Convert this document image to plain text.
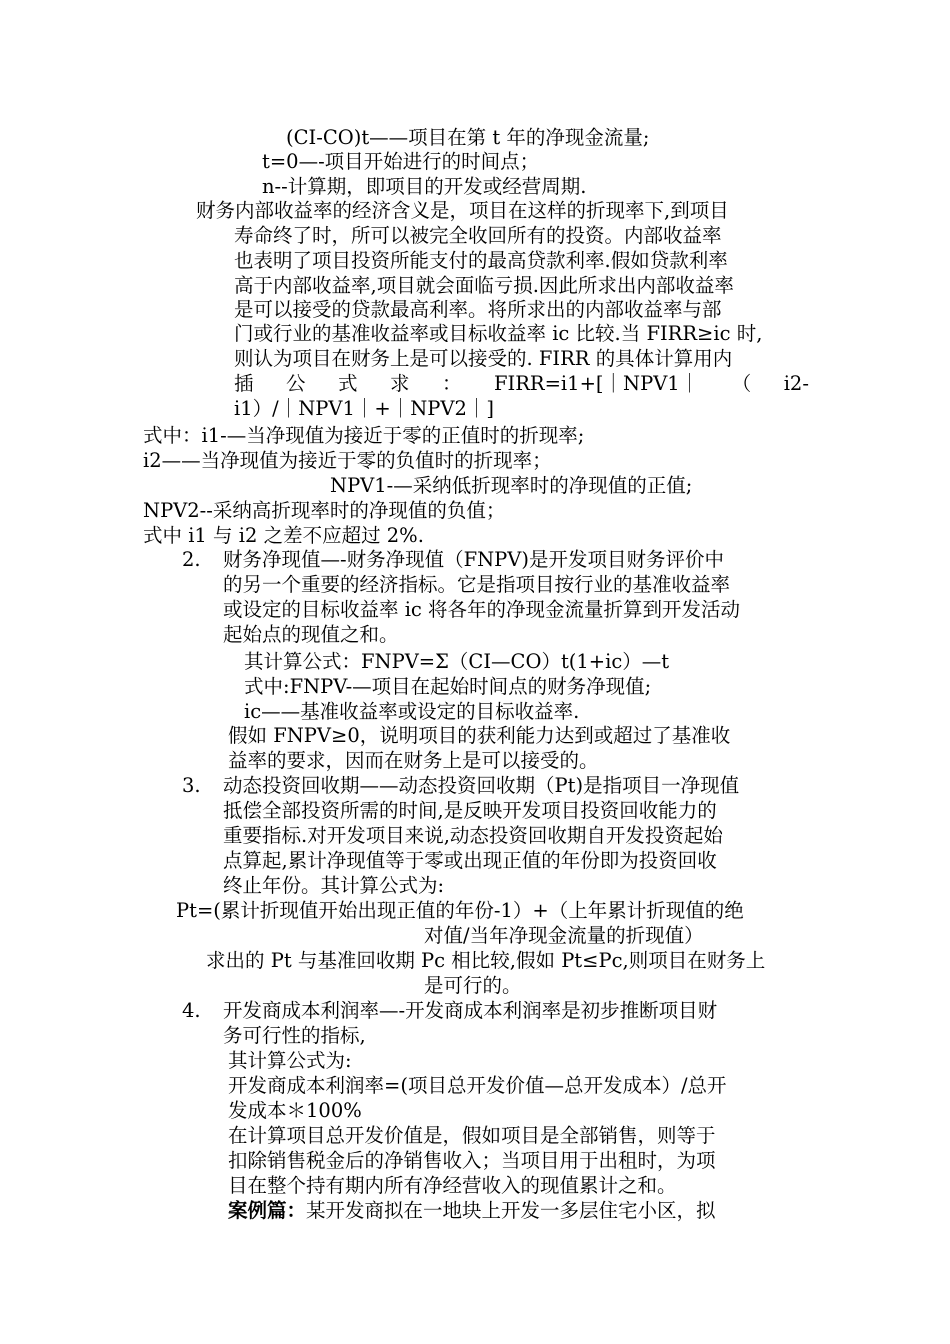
(CI-CO)t——项目在第 t 年的净现金流量;
t=0—-项目开始进行的时间点；
n--计算期，即项目的开发或经营周期.
财务内部收益率的经济含义是，项目在这样的折现率下,到项目
寿命终了时，所可以被完全收回所有的投资。内部收益率
也表明了项目投资所能支付的最高贷款利率.假如贷款利率
高于内部收益率,项目就会面临亏损.因此所求出内部收益率
是可以接受的贷款最高利率。将所求出的内部收益率与部
门或行业的基准收益率或目标收益率 ic 比较.当 FIRR≥ic 时,
则认为项目在财务上是可以接受的. FIRR 的具体计算用内
插 公 式 求 ： FIRR=i1+[｜NPV1｜ （ i2-
i1）/｜NPV1｜+｜NPV2｜]
式中：i1-—当净现值为接近于零的正值时的折现率;
i2——当净现值为接近于零的负值时的折现率；
NPV1-—采纳低折现率时的净现值的正值;
NPV2--采纳高折现率时的净现值的负值；
式中 i1 与 i2 之差不应超过 2%.
2. 财务净现值—-财务净现值（FNPV)是开发项目财务评价中
的另一个重要的经济指标。它是指项目按行业的基准收益率
或设定的目标收益率 ic 将各年的净现金流量折算到开发活动
起始点的现值之和。
其计算公式：FNPV=Σ（CI—CO）t(1+ic）—t
式中:FNPV-—项目在起始时间点的财务净现值;
ic——基准收益率或设定的目标收益率.
假如 FNPV≥0，说明项目的获利能力达到或超过了基准收
益率的要求，因而在财务上是可以接受的。
3. 动态投资回收期——动态投资回收期（Pt)是指项目一净现值
抵偿全部投资所需的时间,是反映开发项目投资回收能力的
重要指标.对开发项目来说,动态投资回收期自开发投资起始
点算起,累计净现值等于零或出现正值的年份即为投资回收
终止年份。其计算公式为:
Pt=(累计折现值开始出现正值的年份-1）+（上年累计折现值的绝
对值/当年净现金流量的折现值）
求出的 Pt 与基准回收期 Pc 相比较,假如 Pt≤Pc,则项目在财务上
是可行的。
4. 开发商成本利润率—-开发商成本利润率是初步推断项目财
务可行性的指标,
其计算公式为:
开发商成本利润率=(项目总开发价值—总开发成本）/总开
发成本＊100%
在计算项目总开发价值是，假如项目是全部销售，则等于
扣除销售税金后的净销售收入；当项目用于出租时，为项
目在整个持有期内所有净经营收入的现值累计之和。
案例篇：某开发商拟在一地块上开发一多层住宅小区，拟
